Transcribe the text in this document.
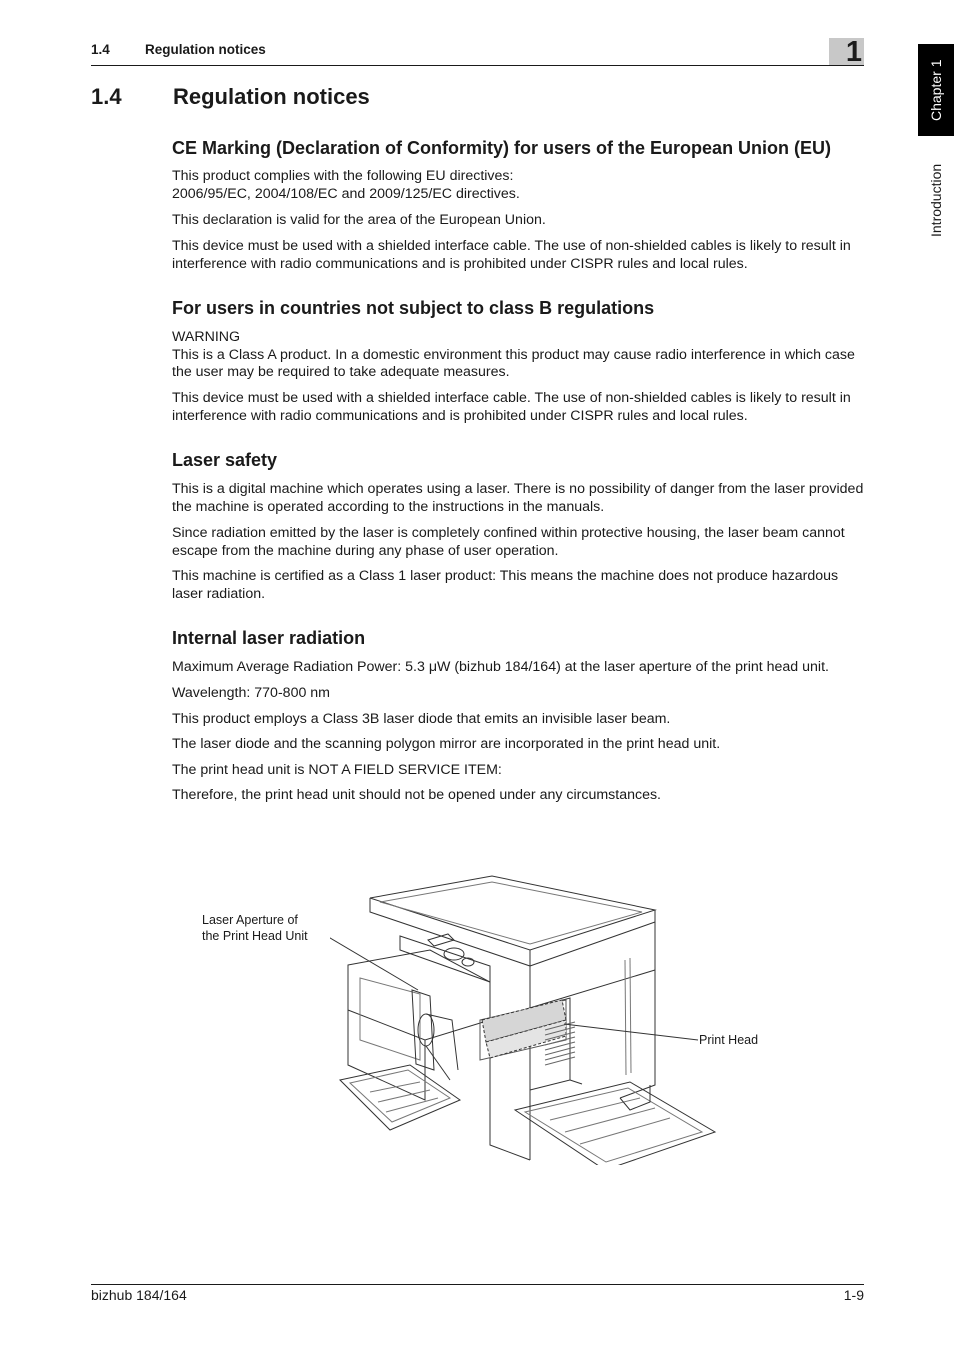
1.4	Regulation notices	1
Chapter 1
Introduction
1.4 Regulation notices
CE Marking (Declaration of Conformity) for users of the European Union (EU)
This product complies with the following EU directives:
2006/95/EC, 2004/108/EC and 2009/125/EC directives.
This declaration is valid for the area of the European Union.
This device must be used with a shielded interface cable. The use of non-shielded cables is likely to result in interference with radio communications and is prohibited under CISPR rules and local rules.
For users in countries not subject to class B regulations
WARNING
This is a Class A product. In a domestic environment this product may cause radio interference in which case the user may be required to take adequate measures.
This device must be used with a shielded interface cable. The use of non-shielded cables is likely to result in interference with radio communications and is prohibited under CISPR rules and local rules.
Laser safety
This is a digital machine which operates using a laser. There is no possibility of danger from the laser provided the machine is operated according to the instructions in the manuals.
Since radiation emitted by the laser is completely confined within protective housing, the laser beam cannot escape from the machine during any phase of user operation.
This machine is certified as a Class 1 laser product: This means the machine does not produce hazardous laser radiation.
Internal laser radiation
Maximum Average Radiation Power: 5.3 μW (bizhub 184/164) at the laser aperture of the print head unit.
Wavelength: 770-800 nm
This product employs a Class 3B laser diode that emits an invisible laser beam.
The laser diode and the scanning polygon mirror are incorporated in the print head unit.
The print head unit is NOT A FIELD SERVICE ITEM:
Therefore, the print head unit should not be opened under any circumstances.
Laser Aperture of
the Print Head Unit
Print Head
bizhub 184/164	1-9
